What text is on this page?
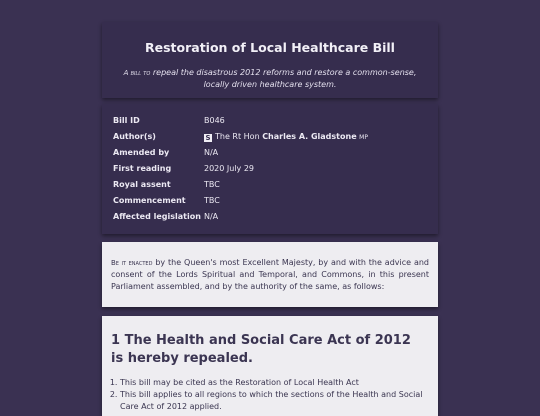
Restoration of Local Healthcare Bill
A bill to repeal the disastrous 2012 reforms and restore a common-sense, locally driven healthcare system.
Bill ID	B046
Author(s)	S The Rt Hon Charles A. Gladstone MP
Amended by	N/A
First reading	2020 July 29
Royal assent	TBC
Commencement TBC
Affected legislation N/A

Be it enacted by the Queen's most Excellent Majesty, by and with the advice and consent of the Lords Spiritual and Temporal, and Commons, in this present Parliament assembled, and by the authority of the same, as follows:

1 The Health and Social Care Act of 2012 is hereby repealed.
1. This bill may be cited as the Restoration of Local Health Act
2. This bill applies to all regions to which the sections of the Health and Social Care Act of 2012 applied.
